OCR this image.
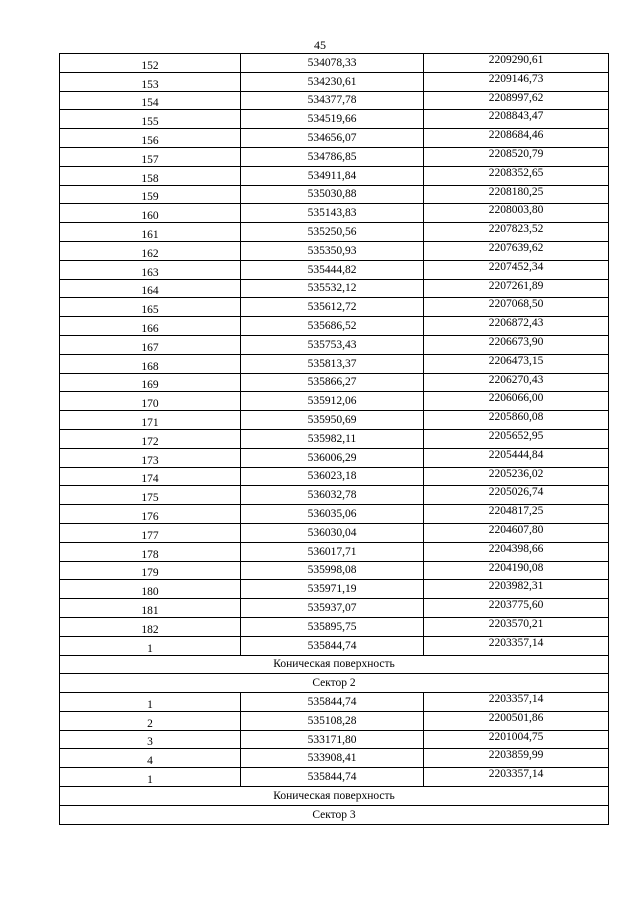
45
152	534078,33	2209290,61
153	534230,61	2209146,73
154	534377,78	2208997,62
155	534519,66	2208843,47
156	534656,07	2208684,46
157	534786,85	2208520,79
158	534911,84	2208352,65
159	535030,88	2208180,25
160	535143,83	2208003,80
161	535250,56	2207823,52
162	535350,93	2207639,62
163	535444,82	2207452,34
164	535532,12	2207261,89
165	535612,72	2207068,50
166	535686,52	2206872,43
167	535753,43	2206673,90
168	535813,37	2206473,15
169	535866,27	2206270,43
170	535912,06	2206066,00
171	535950,69	2205860,08
172	535982,11	2205652,95
173	536006,29	2205444,84
174	536023,18	2205236,02
175	536032,78	2205026,74
176	536035,06	2204817,25
177	536030,04	2204607,80
178	536017,71	2204398,66
179	535998,08	2204190,08
180	535971,19	2203982,31
181	535937,07	2203775,60
182	535895,75	2203570,21
1	535844,74	2203357,14
Коническая поверхность		
Сектор 2		
1	535844,74	2203357,14
2	535108,28	2200501,86
3	533171,80	2201004,75
4	533908,41	2203859,99
1	535844,74	2203357,14
Коническая поверхность		
Сектор 3		
